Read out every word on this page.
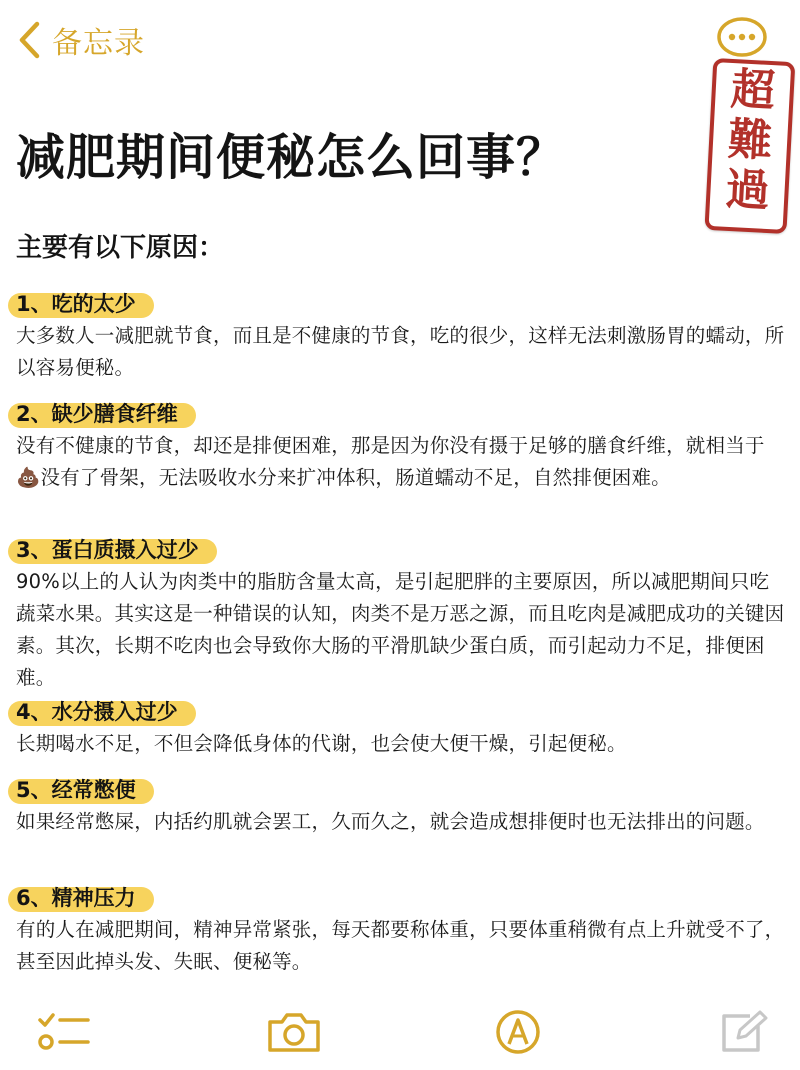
备忘录
超
難
過
减肥期间便秘怎么回事？

主要有以下原因：

1、吃的太少

大多数人一减肥就节食，而且是不健康的节食，吃的很少，这样无法刺激肠胃的蠕动，所以容易便秘。

2、缺少膳食纤维

没有不健康的节食，却还是排便困难，那是因为你没有摄于足够的膳食纤维，就相当于💩没有了骨架，无法吸收水分来扩冲体积，肠道蠕动不足，自然排便困难。

3、蛋白质摄入过少

90%以上的人认为肉类中的脂肪含量太高，是引起肥胖的主要原因，所以减肥期间只吃蔬菜水果。其实这是一种错误的认知，肉类不是万恶之源，而且吃肉是减肥成功的关键因素。其次，长期不吃肉也会导致你大肠的平滑肌缺少蛋白质，而引起动力不足，排便困难。

4、水分摄入过少

长期喝水不足，不但会降低身体的代谢，也会使大便干燥，引起便秘。

5、经常憋便

如果经常憋屎，内括约肌就会罢工，久而久之，就会造成想排便时也无法排出的问题。

6、精神压力

有的人在减肥期间，精神异常紧张，每天都要称体重，只要体重稍微有点上升就受不了，甚至因此掉头发、失眠、便秘等。
